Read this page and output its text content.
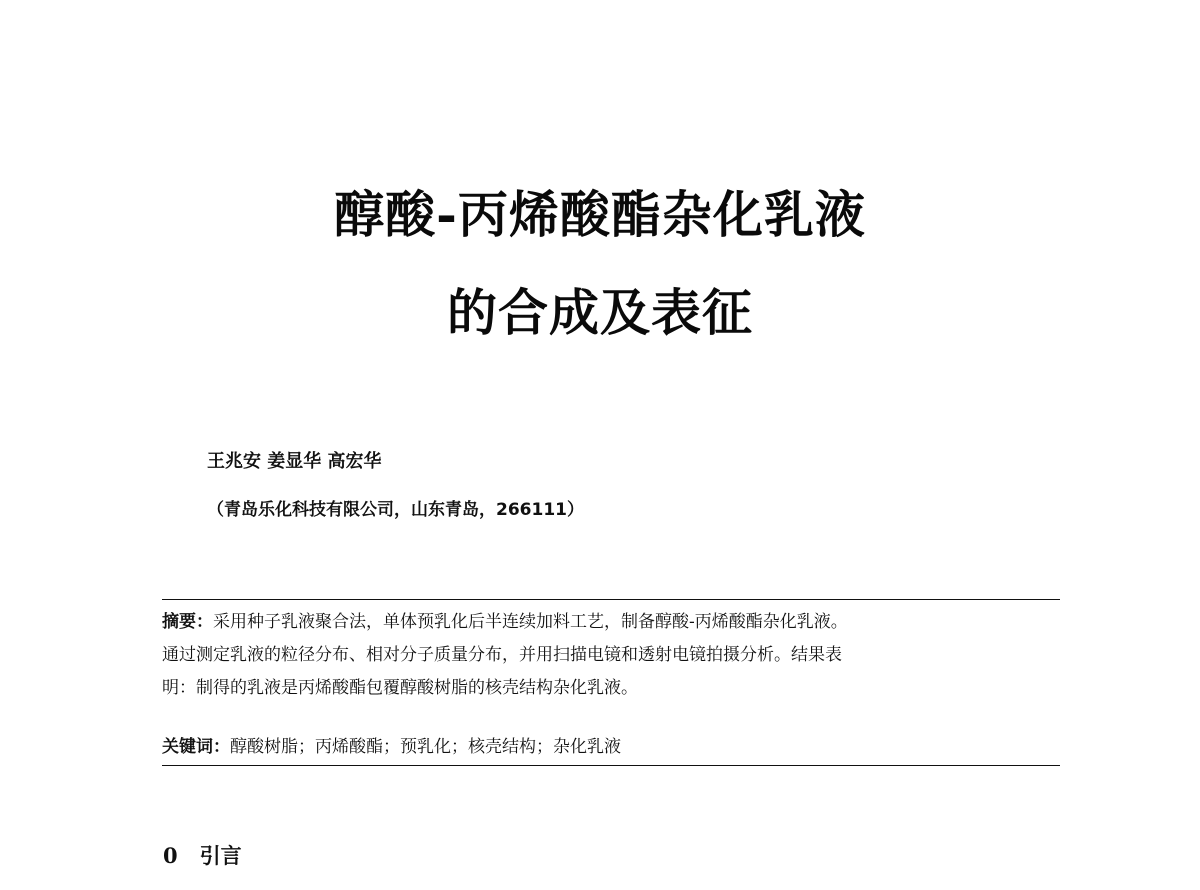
醇酸-丙烯酸酯杂化乳液
的合成及表征
王兆安 姜显华 高宏华
（青岛乐化科技有限公司，山东青岛，266111）
摘要：采用种子乳液聚合法，单体预乳化后半连续加料工艺，制备醇酸-丙烯酸酯杂化乳液。
通过测定乳液的粒径分布、相对分子质量分布，并用扫描电镜和透射电镜拍摄分析。结果表
明：制得的乳液是丙烯酸酯包覆醇酸树脂的核壳结构杂化乳液。
关键词：醇酸树脂；丙烯酸酯；预乳化；核壳结构；杂化乳液
0 引言
